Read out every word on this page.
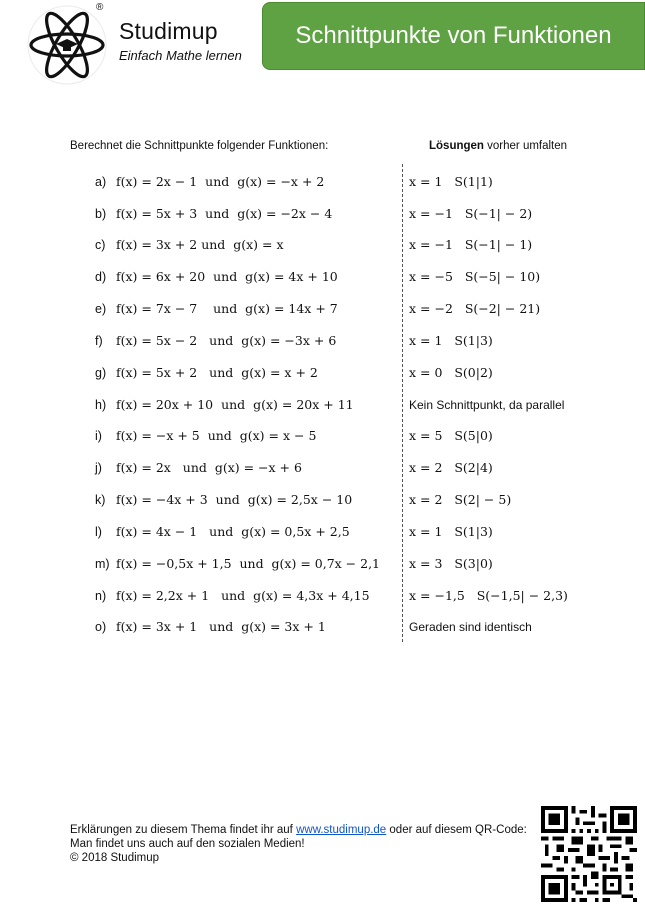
®
Studimup
Einfach Mathe lernen
Schnittpunkte von Funktionen
Berechnet die Schnittpunkte folgender Funktionen:	Lösungen vorher umfalten
a) f(x) = 2x − 1  und  g(x) = −x + 2
b) f(x) = 5x + 3  und  g(x) = −2x − 4
c) f(x) = 3x + 2 und  g(x) = x
d) f(x) = 6x + 20  und  g(x) = 4x + 10
e) f(x) = 7x − 7    und  g(x) = 14x + 7
f) f(x) = 5x − 2   und  g(x) = −3x + 6
g) f(x) = 5x + 2   und  g(x) = x + 2
h) f(x) = 20x + 10  und  g(x) = 20x + 11
i) f(x) = −x + 5  und  g(x) = x − 5
j) f(x) = 2x   und  g(x) = −x + 6
k) f(x) = −4x + 3  und  g(x) = 2,5x − 10
l) f(x) = 4x − 1   und  g(x) = 0,5x + 2,5
m) f(x) = −0,5x + 1,5  und  g(x) = 0,7x − 2,1
n) f(x) = 2,2x + 1   und  g(x) = 4,3x + 4,15
o) f(x) = 3x + 1   und  g(x) = 3x + 1
x = 1   S(1|1)
x = −1   S(−1| − 2)
x = −1   S(−1| − 1)
x = −5   S(−5| − 10)
x = −2   S(−2| − 21)
x = 1   S(1|3)
x = 0   S(0|2)
Kein Schnittpunkt, da parallel
x = 5   S(5|0)
x = 2   S(2|4)
x = 2   S(2| − 5)
x = 1   S(1|3)
x = 3   S(3|0)
x = −1,5   S(−1,5| − 2,3)
Geraden sind identisch
Erklärungen zu diesem Thema findet ihr auf www.studimup.de oder auf diesem QR-Code:
Man findet uns auch auf den sozialen Medien!
© 2018 Studimup
